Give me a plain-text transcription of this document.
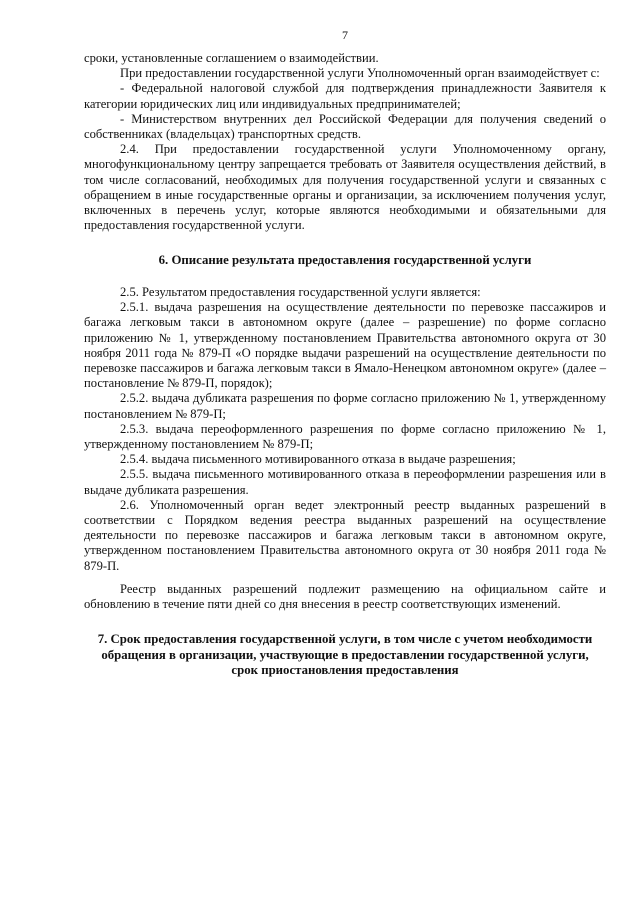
7

сроки, установленные соглашением о взаимодействии.

При предоставлении государственной услуги Уполномоченный орган взаимодействует с:

- Федеральной налоговой службой для подтверждения принадлежности Заявителя к категории юридических лиц или индивидуальных предпринимателей;

- Министерством внутренних дел Российской Федерации для получения сведений о собственниках (владельцах) транспортных средств.

2.4. При предоставлении государственной услуги Уполномоченному органу, многофункциональному центру запрещается требовать от Заявителя осуществления действий, в том числе согласований, необходимых для получения государственной услуги и связанных с обращением в иные государственные органы и организации, за исключением получения услуг, включенных в перечень услуг, которые являются необходимыми и обязательными для предоставления государственной услуги.

6. Описание результата предоставления государственной услуги

2.5. Результатом предоставления государственной услуги является:

2.5.1. выдача разрешения на осуществление деятельности по перевозке пассажиров и багажа легковым такси в автономном округе (далее – разрешение) по форме согласно приложению № 1, утвержденному постановлением Правительства автономного округа от 30 ноября 2011 года № 879-П «О порядке выдачи разрешений на осуществление деятельности по перевозке пассажиров и багажа легковым такси в Ямало-Ненецком автономном округе» (далее – постановление № 879-П, порядок);

2.5.2. выдача дубликата разрешения по форме согласно приложению № 1, утвержденному постановлением № 879-П;

2.5.3. выдача переоформленного разрешения по форме согласно приложению № 1, утвержденному постановлением № 879-П;

2.5.4. выдача письменного мотивированного отказа в выдаче разрешения;

2.5.5. выдача письменного мотивированного отказа в переоформлении разрешения или в выдаче дубликата разрешения.

2.6. Уполномоченный орган ведет электронный реестр выданных разрешений в соответствии с Порядком ведения реестра выданных разрешений на осуществление деятельности по перевозке пассажиров и багажа легковым такси в автономном округе, утвержденном постановлением Правительства автономного округа от 30 ноября 2011 года № 879-П.

Реестр выданных разрешений подлежит размещению на официальном сайте и обновлению в течение пяти дней со дня внесения в реестр соответствующих изменений.

7. Срок предоставления государственной услуги, в том числе с учетом необходимости обращения в организации, участвующие в предоставлении государственной услуги, срок приостановления предоставления
